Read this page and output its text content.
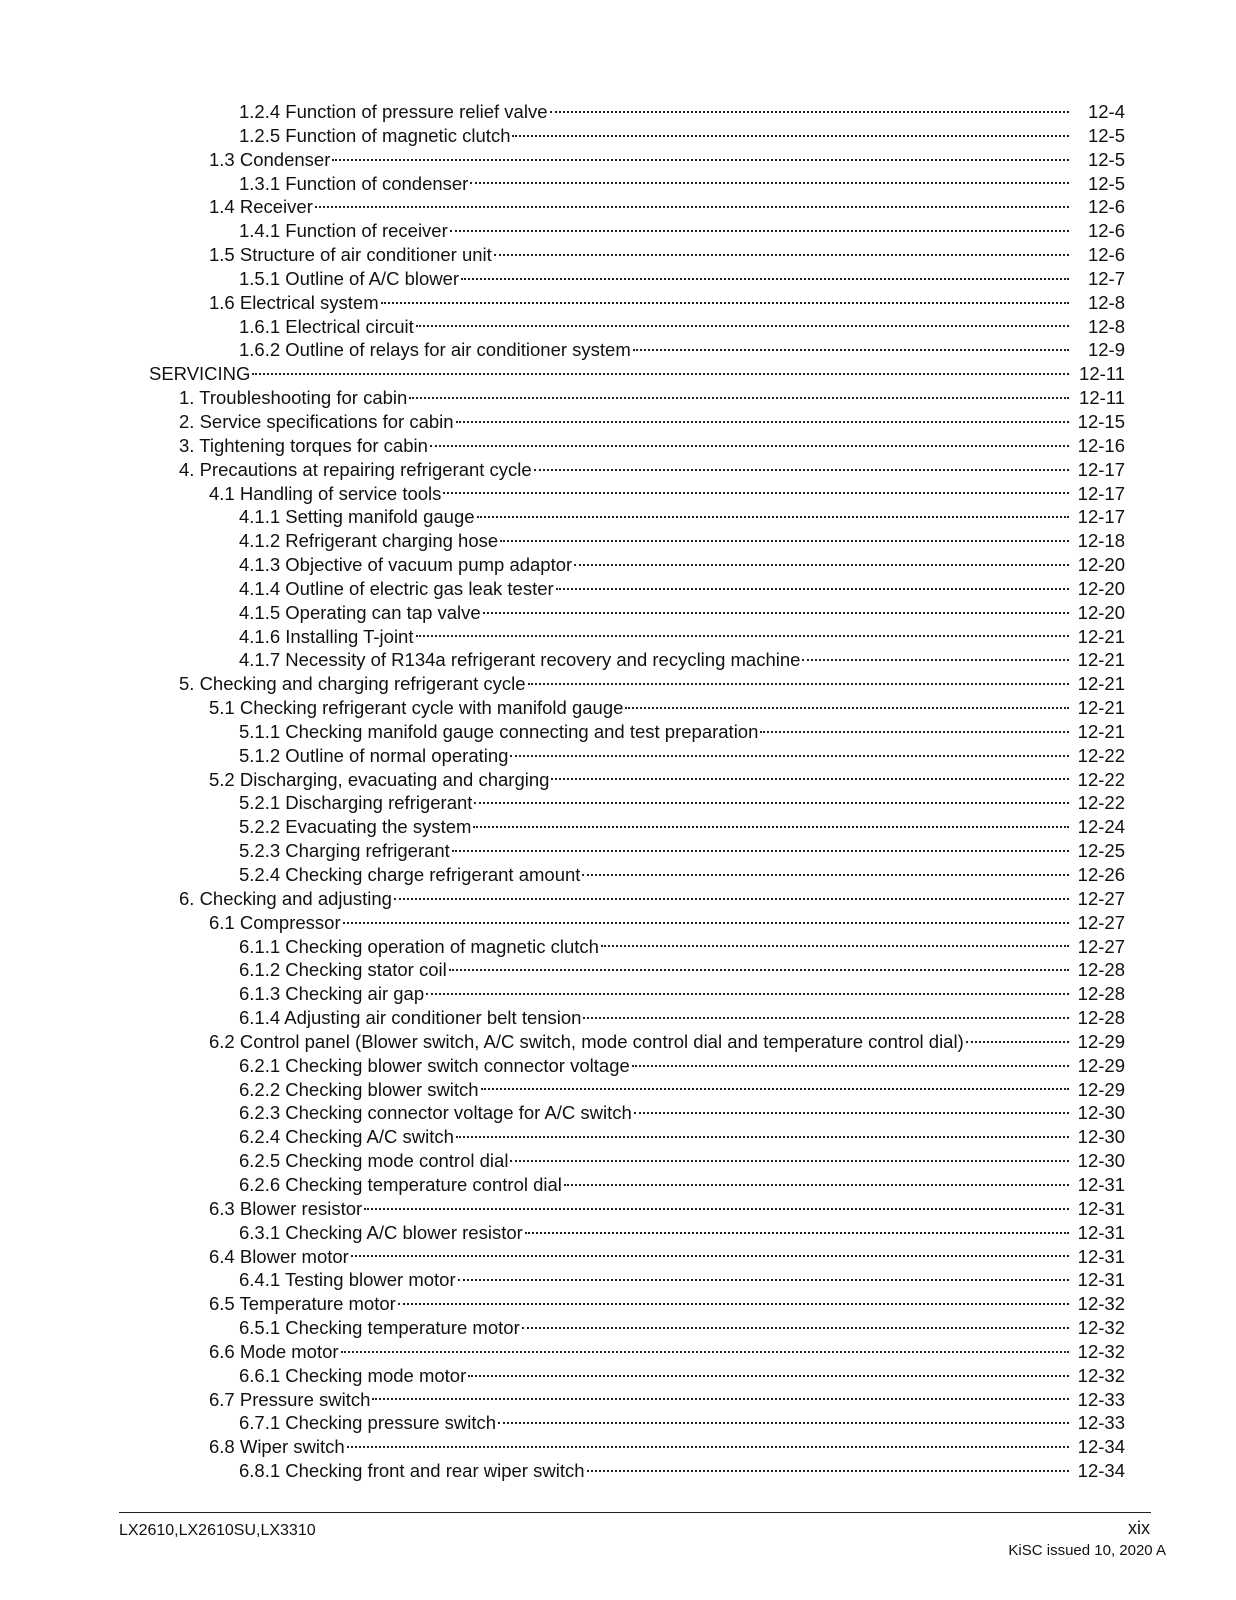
1.2.4 Function of pressure relief valve	12-4
1.2.5 Function of magnetic clutch	12-5
1.3 Condenser	12-5
1.3.1 Function of condenser	12-5
1.4 Receiver	12-6
1.4.1 Function of receiver	12-6
1.5 Structure of air conditioner unit	12-6
1.5.1 Outline of A/C blower	12-7
1.6 Electrical system	12-8
1.6.1 Electrical circuit	12-8
1.6.2 Outline of relays for air conditioner system	12-9
SERVICING	12-11
1. Troubleshooting for cabin	12-11
2. Service specifications for cabin	12-15
3. Tightening torques for cabin	12-16
4. Precautions at repairing refrigerant cycle	12-17
4.1 Handling of service tools	12-17
4.1.1 Setting manifold gauge	12-17
4.1.2 Refrigerant charging hose	12-18
4.1.3 Objective of vacuum pump adaptor	12-20
4.1.4 Outline of electric gas leak tester	12-20
4.1.5 Operating can tap valve	12-20
4.1.6 Installing T-joint	12-21
4.1.7 Necessity of R134a refrigerant recovery and recycling machine	12-21
5. Checking and charging refrigerant cycle	12-21
5.1 Checking refrigerant cycle with manifold gauge	12-21
5.1.1 Checking manifold gauge connecting and test preparation	12-21
5.1.2 Outline of normal operating	12-22
5.2 Discharging, evacuating and charging	12-22
5.2.1 Discharging refrigerant	12-22
5.2.2 Evacuating the system	12-24
5.2.3 Charging refrigerant	12-25
5.2.4 Checking charge refrigerant amount	12-26
6. Checking and adjusting	12-27
6.1 Compressor	12-27
6.1.1 Checking operation of magnetic clutch	12-27
6.1.2 Checking stator coil	12-28
6.1.3 Checking air gap	12-28
6.1.4 Adjusting air conditioner belt tension	12-28
6.2 Control panel (Blower switch, A/C switch, mode control dial and temperature control dial)	12-29
6.2.1 Checking blower switch connector voltage	12-29
6.2.2 Checking blower switch	12-29
6.2.3 Checking connector voltage for A/C switch	12-30
6.2.4 Checking A/C switch	12-30
6.2.5 Checking mode control dial	12-30
6.2.6 Checking temperature control dial	12-31
6.3 Blower resistor	12-31
6.3.1 Checking A/C blower resistor	12-31
6.4 Blower motor	12-31
6.4.1 Testing blower motor	12-31
6.5 Temperature motor	12-32
6.5.1 Checking temperature motor	12-32
6.6 Mode motor	12-32
6.6.1 Checking mode motor	12-32
6.7 Pressure switch	12-33
6.7.1 Checking pressure switch	12-33
6.8 Wiper switch	12-34
6.8.1 Checking front and rear wiper switch	12-34
LX2610,LX2610SU,LX3310	xix
KiSC issued 10, 2020 A
